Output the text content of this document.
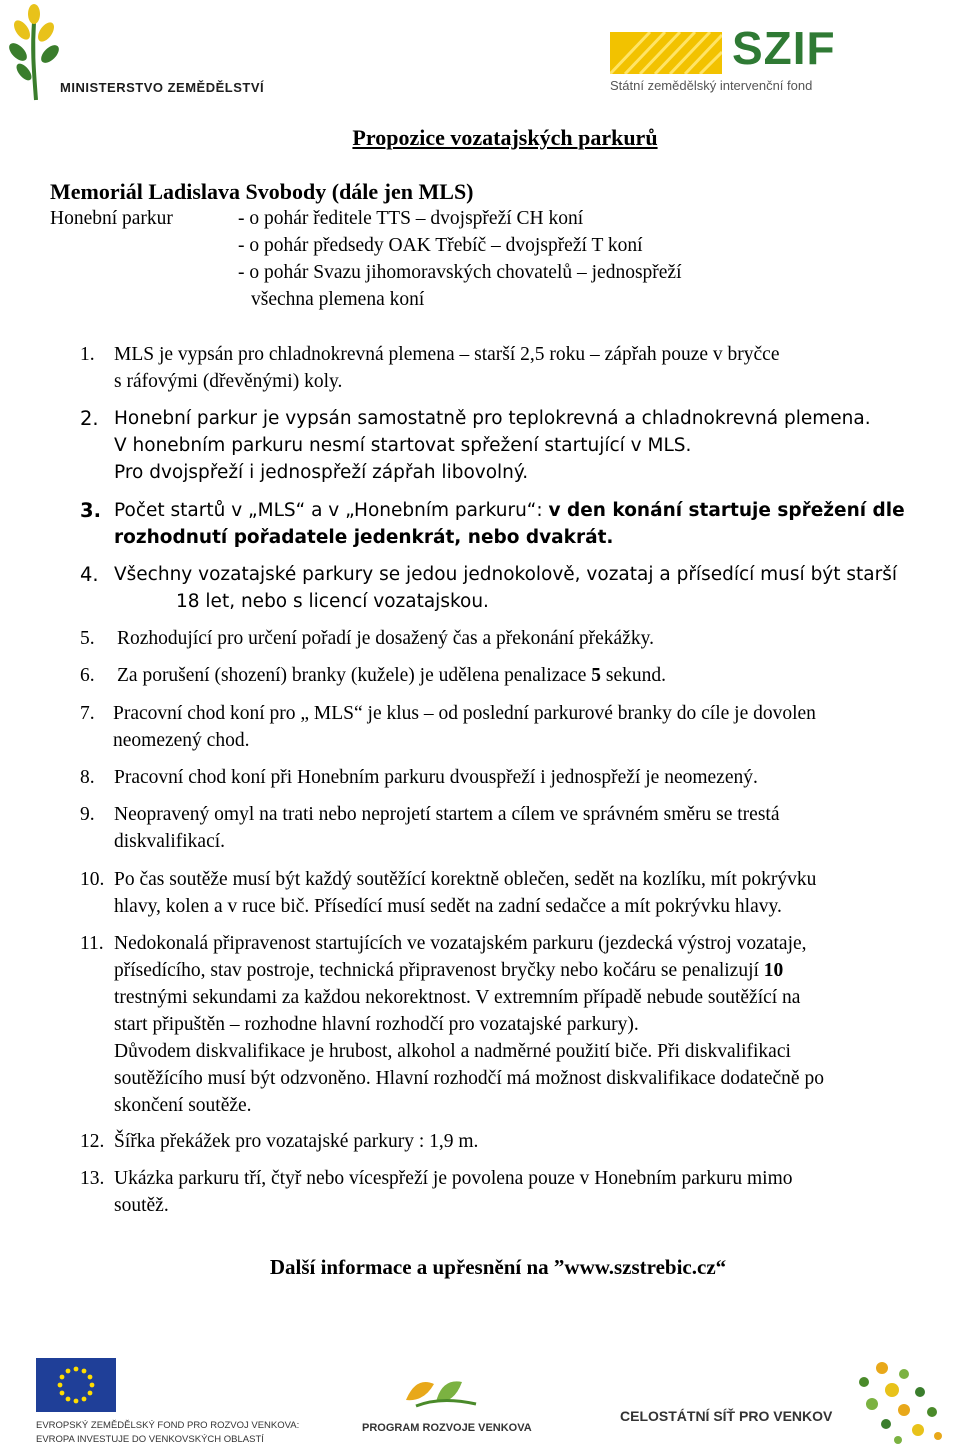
MINISTERSTVO ZEMĚDĚLSTVÍ
SZIF
Státní zemědělský intervenční fond
Propozice vozatajských parkurů
Memoriál Ladislava Svobody (dále jen MLS)
Honební parkur	- o pohár ředitele TTS – dvojspřeží CH koní
- o pohár předsedy OAK Třebíč – dvojspřeží T koní
- o pohár Svazu jihomoravských chovatelů – jednospřeží
všechna plemena koní
1. MLS je vypsán pro chladnokrevná plemena – starší 2,5 roku – zápřah pouze v bryčce
s ráfovými (dřevěnými) koly.
2. Honební parkur je vypsán samostatně pro teplokrevná a chladnokrevná plemena.
V honebním parkuru nesmí startovat spřežení startující v MLS.
Pro dvojspřeží i jednospřeží zápřah libovolný.
3. Počet startů v „MLS“ a v „Honebním parkuru“: v den konání startuje spřežení dle
rozhodnutí pořadatele jedenkrát, nebo dvakrát.
4. Všechny vozatajské parkury se jedou jednokolově, vozataj a přísedící musí být starší
18 let, nebo s licencí vozatajskou.
5. Rozhodující pro určení pořadí je dosažený čas a překonání překážky.
6. Za porušení (shození) branky (kužele) je udělena penalizace 5 sekund.
7. Pracovní chod koní pro „ MLS“ je klus – od poslední parkurové branky do cíle je dovolen
neomezený chod.
8. Pracovní chod koní při Honebním parkuru dvouspřeží i jednospřeží je neomezený.
9. Neopravený omyl na trati nebo neprojetí startem a cílem ve správném směru se trestá
diskvalifikací.
10. Po čas soutěže musí být každý soutěžící korektně oblečen, sedět na kozlíku, mít pokrývku
hlavy, kolen a v ruce bič. Přísedící musí sedět na zadní sedačce a mít pokrývku hlavy.
11. Nedokonalá připravenost startujících ve vozatajském parkuru (jezdecká výstroj vozataje,
přísedícího, stav postroje, technická připravenost bryčky nebo kočáru se penalizují 10
trestnými sekundami za každou nekorektnost. V extremním případě nebude soutěžící na
start připuštěn – rozhodne hlavní rozhodčí pro vozatajské parkury).
Důvodem diskvalifikace je hrubost, alkohol a nadměrné použití biče. Při diskvalifikaci
soutěžícího musí být odzvoněno. Hlavní rozhodčí má možnost diskvalifikace dodatečně po
skončení soutěže.
12. Šířka překážek pro vozatajské parkury : 1,9 m.
13. Ukázka parkuru tří, čtyř nebo vícespřeží je povolena pouze v Honebním parkuru mimo
soutěž.
Další informace a upřesnění na ”www.szstrebic.cz“
EVROPSKÝ ZEMĚDĚLSKÝ FOND PRO ROZVOJ VENKOVA:
EVROPA INVESTUJE DO VENKOVSKÝCH OBLASTÍ
PROGRAM ROZVOJE VENKOVA
CELOSTÁTNÍ SÍŤ PRO VENKOV
